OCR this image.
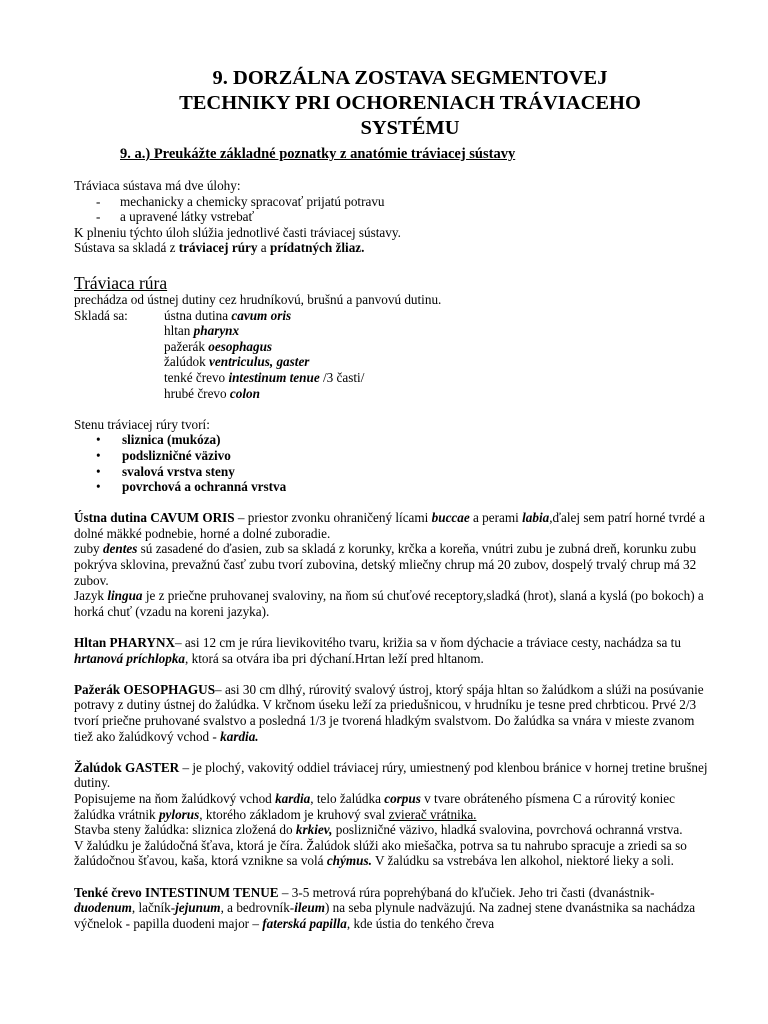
9. DORZÁLNA ZOSTAVA SEGMENTOVEJ
TECHNIKY PRI OCHORENIACH TRÁVIACEHO
SYSTÉMU
9. a.) Preukážte základné poznatky z anatómie tráviacej sústavy

Tráviaca sústava má dve úlohy:

-	mechanicky a chemicky spracovať prijatú potravu
-	a upravené látky vstrebať

K plneniu týchto úloh slúžia jednotlivé časti tráviacej sústavy.

Sústava sa skladá z tráviacej rúry a prídatných žliaz.

Tráviaca rúra

prechádza od ústnej dutiny cez hrudníkovú, brušnú a panvovú dutinu.

Skladá sa:	ústna dutina cavum oris
hltan pharynx
pažerák oesophagus
žalúdok ventriculus, gaster
tenké črevo intestinum tenue /3 časti/
hrubé črevo colon

Stenu tráviacej rúry tvorí:

•	sliznica (mukóza)
•	podslizničné väzivo
•	svalová vrstva steny
•	povrchová a ochranná vrstva

Ústna dutina CAVUM ORIS – priestor zvonku ohraničený lícami buccae a perami labia,ďalej sem patrí horné tvrdé a dolné mäkké podnebie, horné a dolné zuboradie.

zuby dentes sú zasadené do ďasien, zub sa skladá z korunky, krčka a koreňa, vnútri zubu je zubná dreň, korunku zubu pokrýva sklovina, prevažnú časť zubu tvorí zubovina, detský mliečny chrup má 20 zubov, dospelý trvalý chrup má 32 zubov.

Jazyk lingua je z priečne pruhovanej svaloviny, na ňom sú chuťové receptory,sladká (hrot), slaná a kyslá (po bokoch) a horká chuť (vzadu na koreni jazyka).

Hltan PHARYNX– asi 12 cm je rúra lievikovitého tvaru, križia sa v ňom dýchacie a tráviace cesty, nachádza sa tu hrtanová príchlopka, ktorá sa otvára iba pri dýchaní.Hrtan leží pred hltanom.

Pažerák OESOPHAGUS– asi 30 cm dlhý, rúrovitý svalový ústroj, ktorý spája hltan so žalúdkom a slúži na posúvanie potravy z dutiny ústnej do žalúdka. V krčnom úseku leží za priedušnicou, v hrudníku je tesne pred chrbticou. Prvé 2/3 tvorí priečne pruhované svalstvo a posledná 1/3 je tvorená hladkým svalstvom. Do žalúdka sa vnára v mieste zvanom tiež ako žalúdkový vchod - kardia.

Žalúdok GASTER – je plochý, vakovitý oddiel tráviacej rúry, umiestnený pod klenbou bránice v hornej tretine brušnej dutiny.

Popisujeme na ňom žalúdkový vchod kardia, telo žalúdka corpus v tvare obráteného písmena C a rúrovitý koniec žalúdka vrátnik pylorus, ktorého základom je kruhový sval zvierač vrátnika.

Stavba steny žalúdka: sliznica zložená do krkiev, poslizničné väzivo, hladká svalovina, povrchová ochranná vrstva.

V žalúdku je žalúdočná šťava, ktorá je číra. Žalúdok slúži ako miešačka, potrva sa tu nahrubo spracuje a zriedi sa so žalúdočnou šťavou, kaša, ktorá vznikne sa volá chýmus. V žalúdku sa vstrebáva len alkohol, niektoré lieky a soli.

Tenké črevo INTESTINUM TENUE – 3-5 metrová rúra poprehýbaná do kľučiek. Jeho tri časti (dvanástnik-duodenum, lačník-jejunum, a bedrovník-ileum) na seba plynule nadväzujú. Na zadnej stene dvanástnika sa nachádza výčnelok - papilla duodeni major – faterská papilla, kde ústia do tenkého čreva
